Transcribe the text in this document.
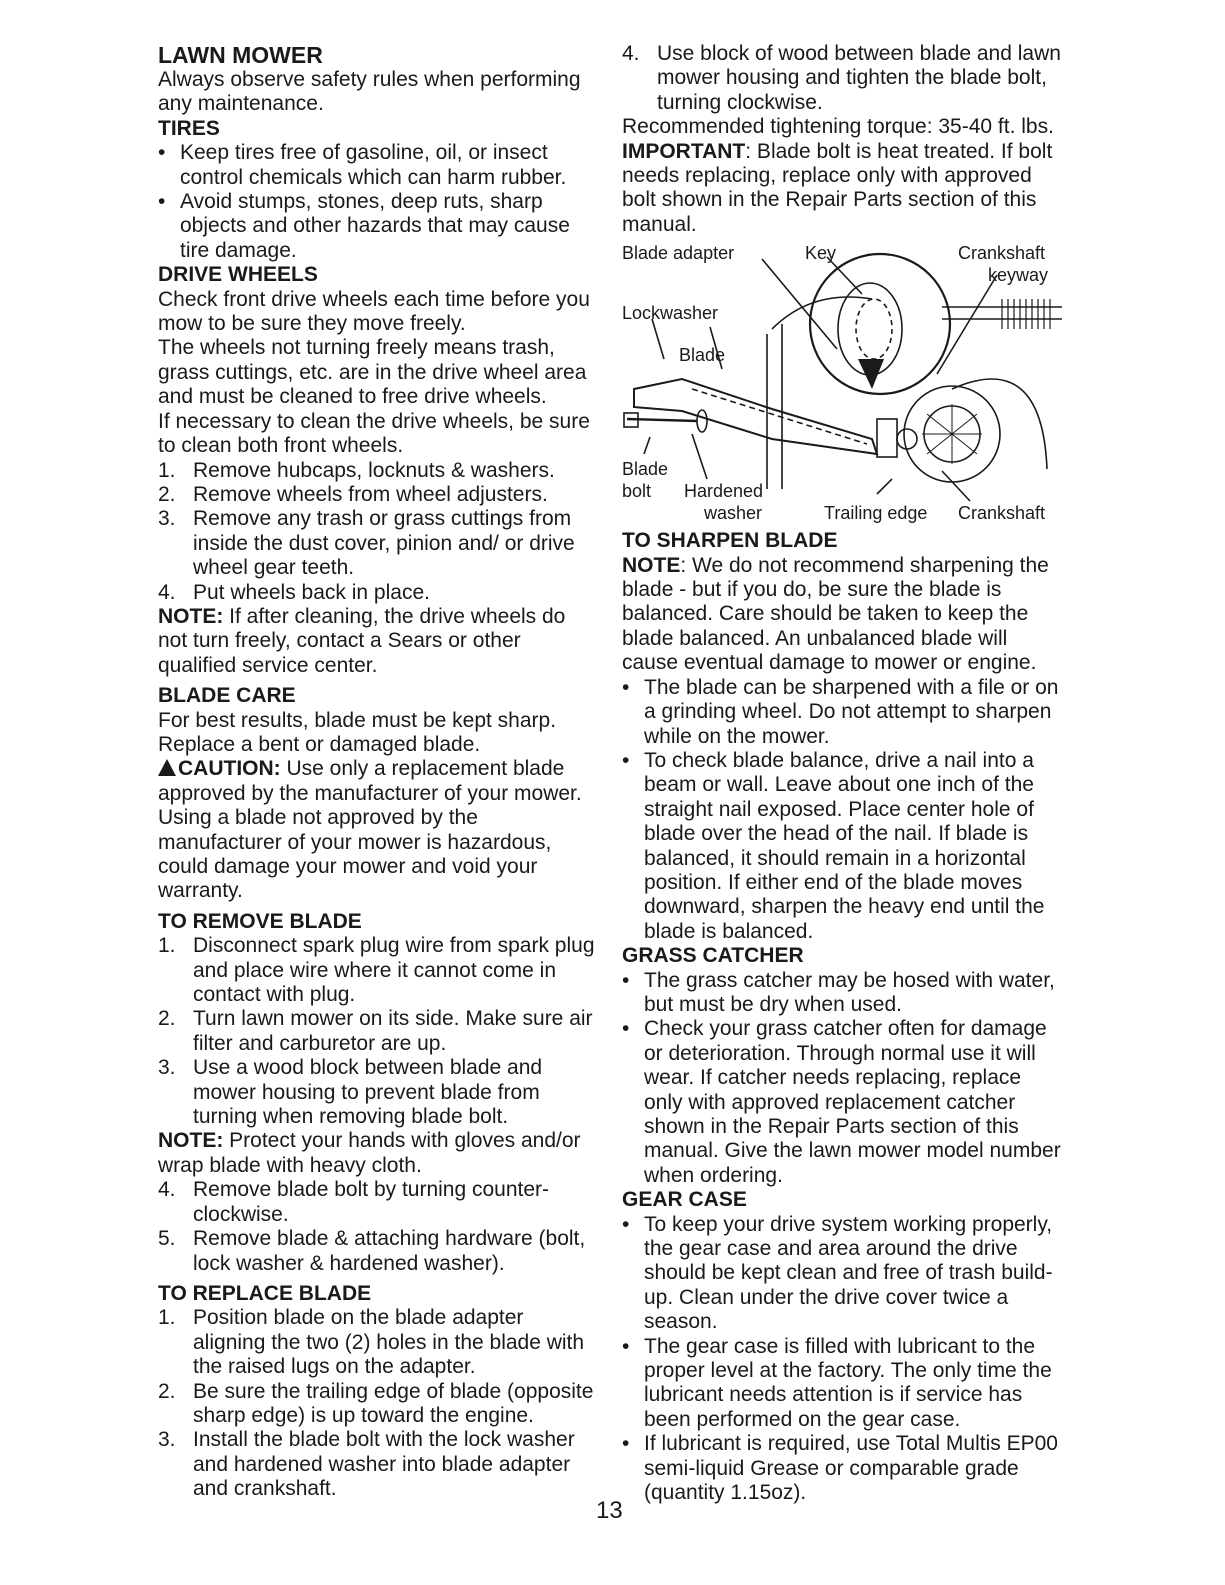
LAWN MOWER

Always observe safety rules when performing any maintenance.

TIRES
• Keep tires free of gasoline, oil, or insect control chemicals which can harm rubber.
• Avoid stumps, stones, deep ruts, sharp objects and other hazards that may cause tire damage.
DRIVE WHEELS

Check front drive wheels each time before you mow to be sure they move freely.

The wheels not turning freely means trash, grass cuttings, etc. are in the drive wheel area and must be cleaned to free drive wheels.

If necessary to clean the drive wheels, be sure to clean both front wheels.

1. Remove hubcaps, locknuts & washers.
2. Remove wheels from wheel adjusters.
3. Remove any trash or grass cuttings from inside the dust cover, pinion and/ or drive wheel gear teeth.
4. Put wheels back in place.

NOTE: If after cleaning, the drive wheels do not turn freely, contact a Sears or other qualified service center.

BLADE CARE

For best results, blade must be kept sharp. Replace a bent or damaged blade.

CAUTION: Use only a replacement blade approved by the manufacturer of your mower. Using a blade not approved by the manufacturer of your mower is hazardous, could damage your mower and void your warranty.

TO REMOVE BLADE
1. Disconnect spark plug wire from spark plug and place wire where it cannot come in contact with plug.
2. Turn lawn mower on its side. Make sure air filter and carburetor are up.
3. Use a wood block between blade and mower housing to prevent blade from turning when removing blade bolt.

NOTE: Protect your hands with gloves and/or wrap blade with heavy cloth.

4. Remove blade bolt by turning counter-clockwise.
5. Remove blade & attaching hardware (bolt, lock washer & hardened washer).
TO REPLACE BLADE
1. Position blade on the blade adapter aligning the two (2) holes in the blade with the raised lugs on the adapter.
2. Be sure the trailing edge of blade (opposite sharp edge) is up toward the engine.
3. Install the blade bolt with the lock washer and hardened washer into blade adapter and crankshaft.
4. Use block of wood between blade and lawn mower housing and tighten the blade bolt, turning clockwise.

Recommended tightening torque: 35-40 ft. lbs.

IMPORTANT: Blade bolt is heat treated. If bolt needs replacing, replace only with approved bolt shown in the Repair Parts section of this manual.

Blade adapter	Key	Crankshaft
keyway
Lockwasher
Blade
Blade
bolt Hardened
washer	Trailing edge Crankshaft
TO SHARPEN BLADE

NOTE: We do not recommend sharpening the blade - but if you do, be sure the blade is balanced. Care should be taken to keep the blade balanced. An unbalanced blade will cause eventual damage to mower or engine.

• The blade can be sharpened with a file or on a grinding wheel. Do not attempt to sharpen while on the mower.
• To check blade balance, drive a nail into a beam or wall. Leave about one inch of the straight nail exposed. Place center hole of blade over the head of the nail. If blade is balanced, it should remain in a horizontal position. If either end of the blade moves downward, sharpen the heavy end until the blade is balanced.
GRASS CATCHER
• The grass catcher may be hosed with water, but must be dry when used.
• Check your grass catcher often for damage or deterioration. Through normal use it will wear. If catcher needs replacing, replace only with approved replacement catcher shown in the Repair Parts section of this manual. Give the lawn mower model number when ordering.
GEAR CASE
• To keep your drive system working properly, the gear case and area around the drive should be kept clean and free of trash build-up. Clean under the drive cover twice a season.
• The gear case is filled with lubricant to the proper level at the factory. The only time the lubricant needs attention is if service has been performed on the gear case.
• If lubricant is required, use Total Multis EP00 semi-liquid Grease or comparable grade (quantity 1.15oz).
13
